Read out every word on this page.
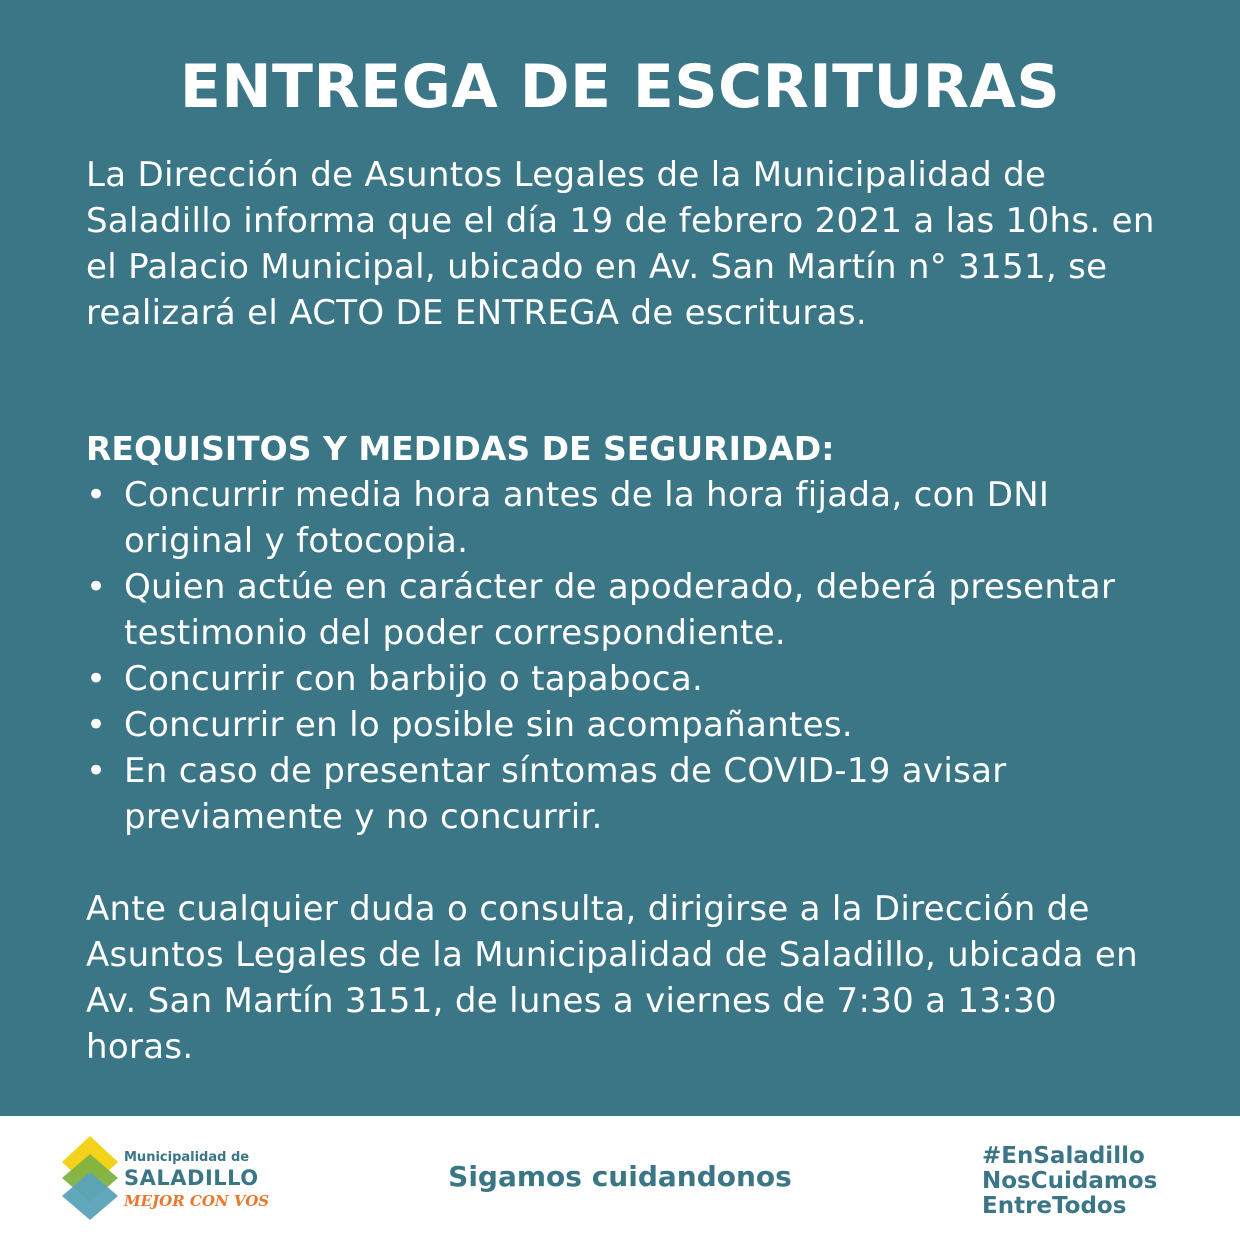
ENTREGA DE ESCRITURAS

La Dirección de Asuntos Legales de la Municipalidad de Saladillo informa que el día 19 de febrero 2021 a las 10hs. en el Palacio Municipal, ubicado en Av. San Martín n° 3151, se realizará el ACTO DE ENTREGA de escrituras.

REQUISITOS Y MEDIDAS DE SEGURIDAD:
• Concurrir media hora antes de la hora fijada, con DNI original y fotocopia.
• Quien actúe en carácter de apoderado, deberá presentar testimonio del poder correspondiente.
• Concurrir con barbijo o tapaboca.
• Concurrir en lo posible sin acompañantes.
• En caso de presentar síntomas de COVID-19 avisar previamente y no concurrir.

Ante cualquier duda o consulta, dirigirse a la Dirección de Asuntos Legales de la Municipalidad de Saladillo, ubicada en Av. San Martín 3151, de lunes a viernes de 7:30 a 13:30 horas.

Municipalidad de
SALADILLO
MEJOR CON VOS
Sigamos cuidandonos
#EnSaladillo
NosCuidamos
EntreTodos
